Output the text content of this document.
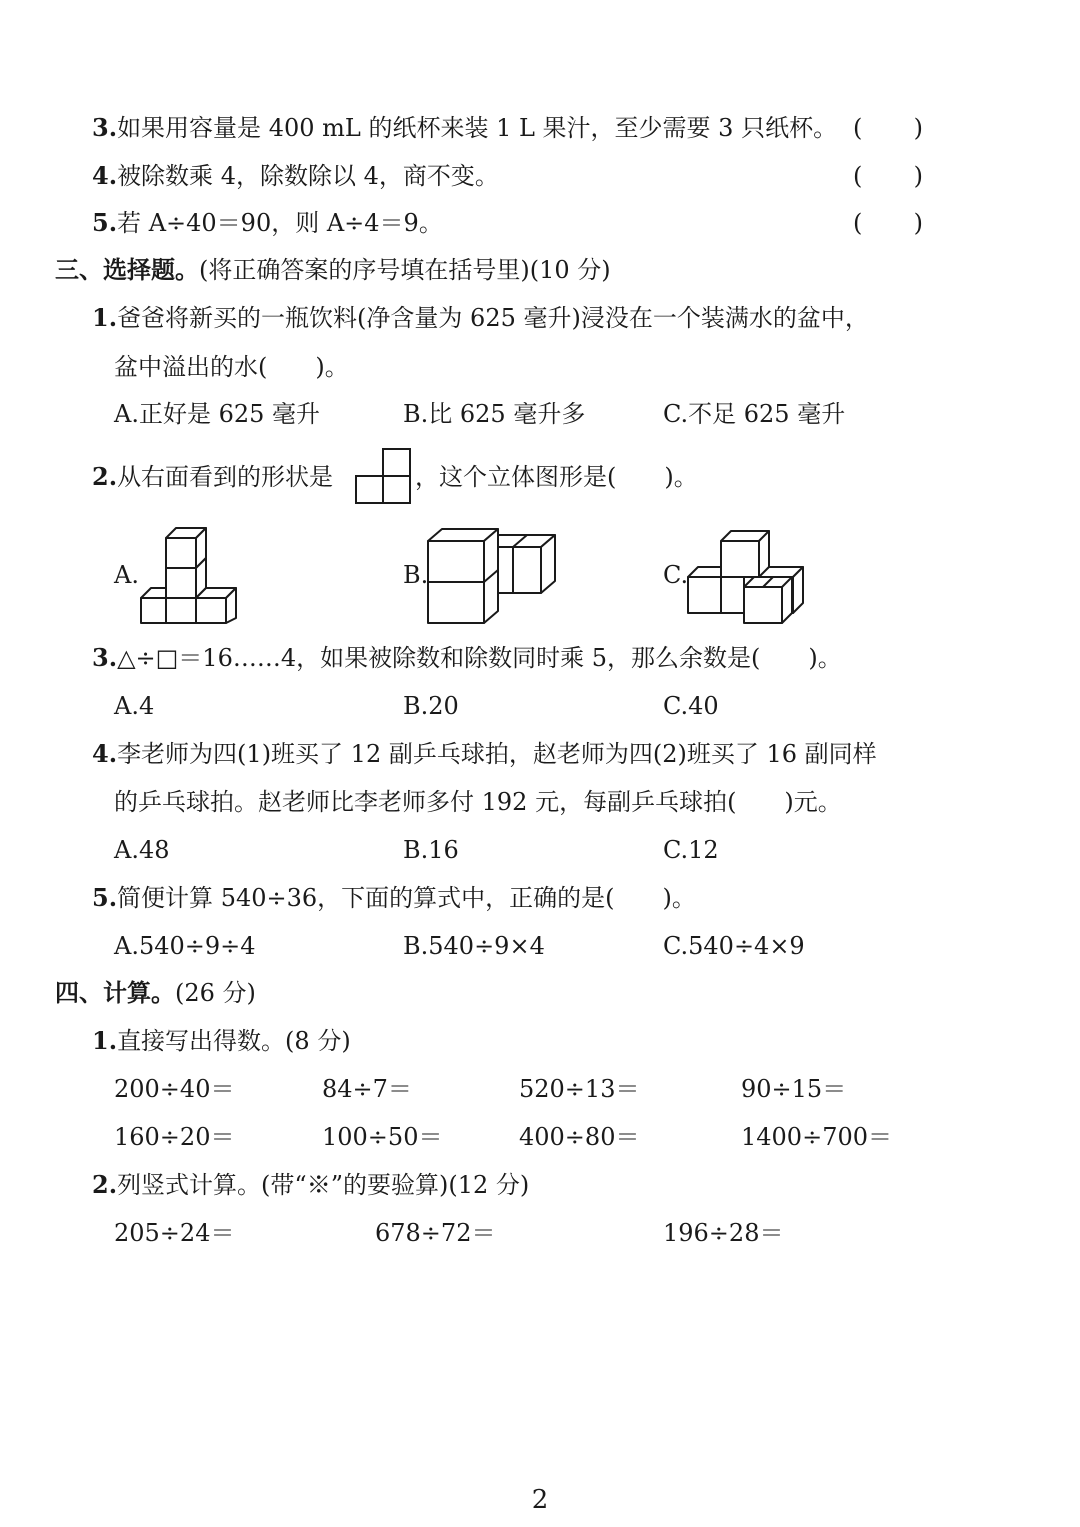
3.如果用容量是 400 mL 的纸杯来装 1 L 果汁，至少需要 3 只纸杯。 ( )
4.被除数乘 4，除数除以 4，商不变。	( )
5.若 A÷40＝90，则 A÷4＝9。	( )
三、选择题。(将正确答案的序号填在括号里)(10 分)
1.爸爸将新买的一瓶饮料(净含量为 625 毫升)浸没在一个装满水的盆中，
盆中溢出的水(　　)。
A.正好是 625 毫升	B.比 625 毫升多	C.不足 625 毫升
2.从右面看到的形状是	，这个立体图形是(　　)。
A.	B.	C.
3.△÷□＝16……4，如果被除数和除数同时乘 5，那么余数是(　　)。
A.4	B.20	C.40
4.李老师为四(1)班买了 12 副乒乓球拍，赵老师为四(2)班买了 16 副同样
的乒乓球拍。赵老师比李老师多付 192 元，每副乒乓球拍(　　)元。
A.48	B.16	C.12
5.简便计算 540÷36，下面的算式中，正确的是(　　)。
A.540÷9÷4	B.540÷9×4	C.540÷4×9
四、计算。(26 分)
1.直接写出得数。(8 分)
200÷40＝	84÷7＝	520÷13＝	90÷15＝
160÷20＝	100÷50＝	400÷80＝	1400÷700＝
2.列竖式计算。(带“※”的要验算)(12 分)
205÷24＝	678÷72＝	196÷28＝
2
